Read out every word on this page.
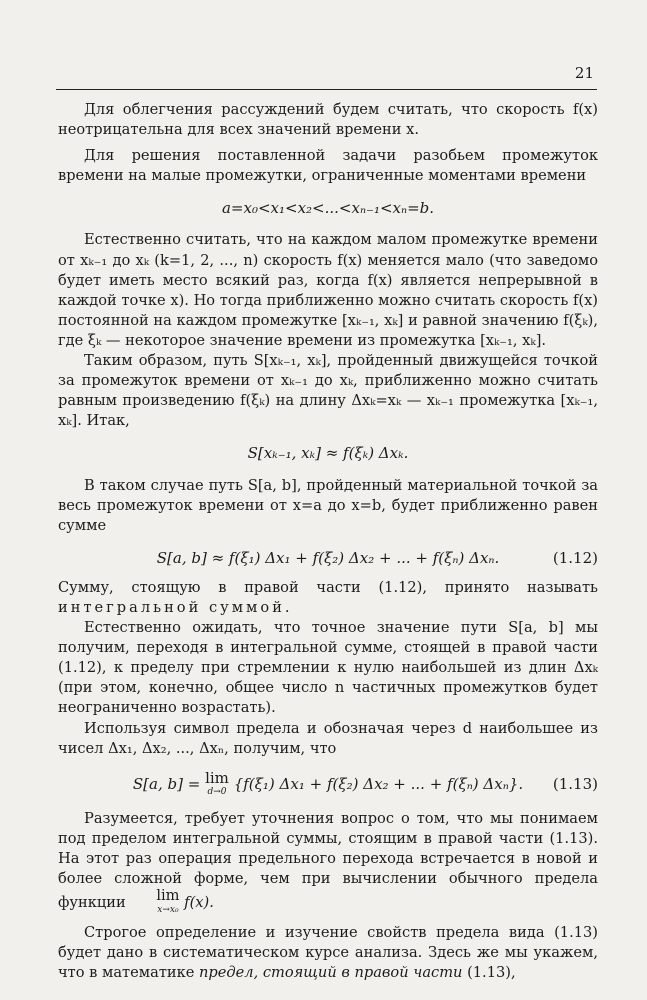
21

Для облегчения рассуждений будем считать, что скорость f(x) неотрицательна для всех значений времени x.

Для решения поставленной задачи разобьем промежуток времени на малые промежутки, ограниченные моментами времени

a=x₀<x₁<x₂<...<xₙ₋₁<xₙ=b.

Естественно считать, что на каждом малом промежутке времени от xₖ₋₁ до xₖ (k=1, 2, ..., n) скорость f(x) меняется мало (что заведомо будет иметь место всякий раз, когда f(x) является непрерывной в каждой точке x). Но тогда приближенно можно считать скорость f(x) постоянной на каждом промежутке [xₖ₋₁, xₖ] и равной значению f(ξₖ), где ξₖ — некоторое значение времени из промежутка [xₖ₋₁, xₖ].

Таким образом, путь S[xₖ₋₁, xₖ], пройденный движущейся точкой за промежуток времени от xₖ₋₁ до xₖ, приближенно можно считать равным произведению f(ξₖ) на длину Δxₖ=xₖ — xₖ₋₁ промежутка [xₖ₋₁, xₖ]. Итак,

S[xₖ₋₁, xₖ] ≈ f(ξₖ) Δxₖ.

В таком случае путь S[a, b], пройденный материальной точкой за весь промежуток времени от x=a до x=b, будет приближенно равен сумме

S[a, b] ≈ f(ξ₁) Δx₁ + f(ξ₂) Δx₂ + ... + f(ξₙ) Δxₙ.	(1.12)

Сумму, стоящую в правой части (1.12), принято называть интегральной суммой.

Естественно ожидать, что точное значение пути S[a, b] мы получим, переходя в интегральной сумме, стоящей в правой части (1.12), к пределу при стремлении к нулю наибольшей из длин Δxₖ (при этом, конечно, общее число n частичных промежутков будет неограниченно возрастать).

Используя символ предела и обозначая через d наибольшее из чисел Δx₁, Δx₂, ..., Δxₙ, получим, что

S[a, b] = lim
d→0 {f(ξ₁) Δx₁ + f(ξ₂) Δx₂ + ... + f(ξₙ) Δxₙ}.	(1.13)

Разумеется, требует уточнения вопрос о том, что мы понимаем под пределом интегральной суммы, стоящим в правой части (1.13). На этот раз операция предельного перехода встречается в новой и более сложной форме, чем при вычислении обычного предела функции lim
x→x₀ f(x).

Строгое определение и изучение свойств предела вида (1.13) будет дано в систематическом курсе анализа. Здесь же мы укажем, что в математике предел, стоящий в правой части (1.13),
